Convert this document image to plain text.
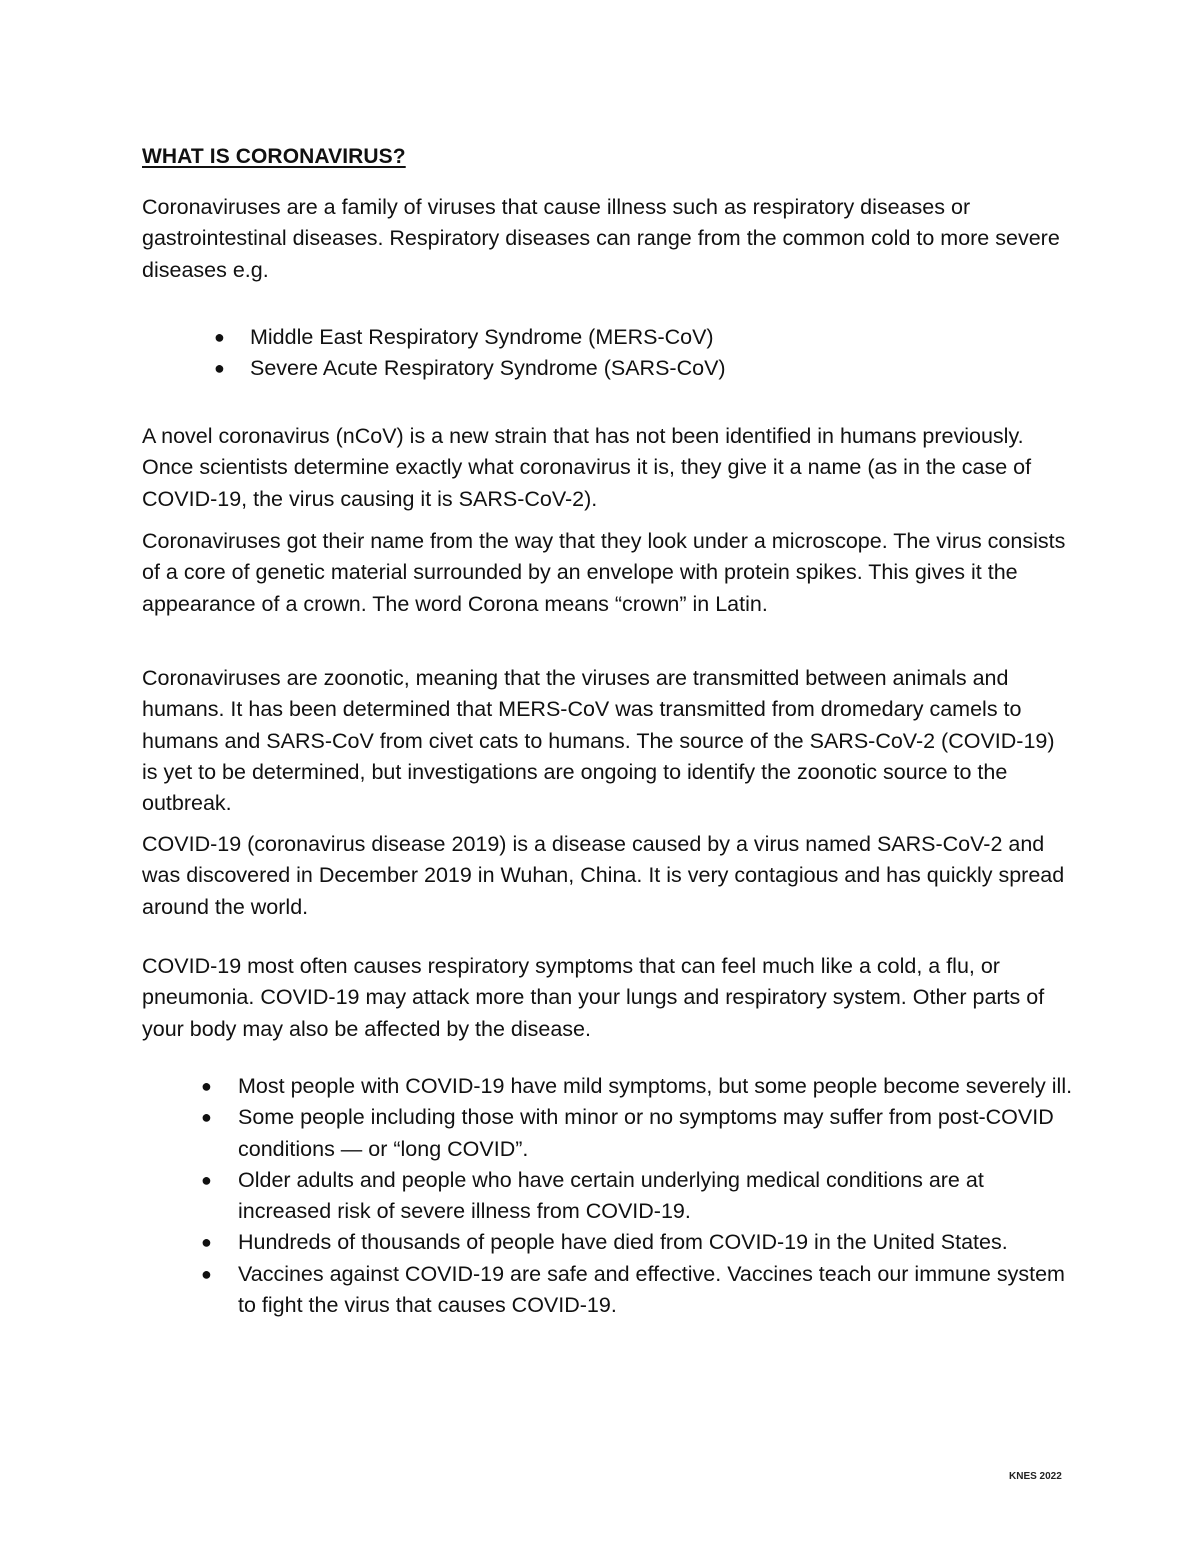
WHAT IS CORONAVIRUS?

Coronaviruses are a family of viruses that cause illness such as respiratory diseases or gastrointestinal diseases. Respiratory diseases can range from the common cold to more severe diseases e.g.

● Middle East Respiratory Syndrome (MERS-CoV)
● Severe Acute Respiratory Syndrome (SARS-CoV)

A novel coronavirus (nCoV) is a new strain that has not been identified in humans previously. Once scientists determine exactly what coronavirus it is, they give it a name (as in the case of COVID-19, the virus causing it is SARS-CoV-2).

Coronaviruses got their name from the way that they look under a microscope. The virus consists of a core of genetic material surrounded by an envelope with protein spikes. This gives it the appearance of a crown. The word Corona means “crown” in Latin.

Coronaviruses are zoonotic, meaning that the viruses are transmitted between animals and humans. It has been determined that MERS-CoV was transmitted from dromedary camels to humans and SARS-CoV from civet cats to humans. The source of the SARS-CoV-2 (COVID-19) is yet to be determined, but investigations are ongoing to identify the zoonotic source to the outbreak.

COVID-19 (coronavirus disease 2019) is a disease caused by a virus named SARS-CoV-2 and was discovered in December 2019 in Wuhan, China. It is very contagious and has quickly spread around the world.

COVID-19 most often causes respiratory symptoms that can feel much like a cold, a flu, or pneumonia. COVID-19 may attack more than your lungs and respiratory system. Other parts of your body may also be affected by the disease.

● Most people with COVID-19 have mild symptoms, but some people become severely ill.
● Some people including those with minor or no symptoms may suffer from post-COVID conditions — or “long COVID”.
● Older adults and people who have certain underlying medical conditions are at increased risk of severe illness from COVID-19.
● Hundreds of thousands of people have died from COVID-19 in the United States.
● Vaccines against COVID-19 are safe and effective. Vaccines teach our immune system to fight the virus that causes COVID-19.
KNES 2022
